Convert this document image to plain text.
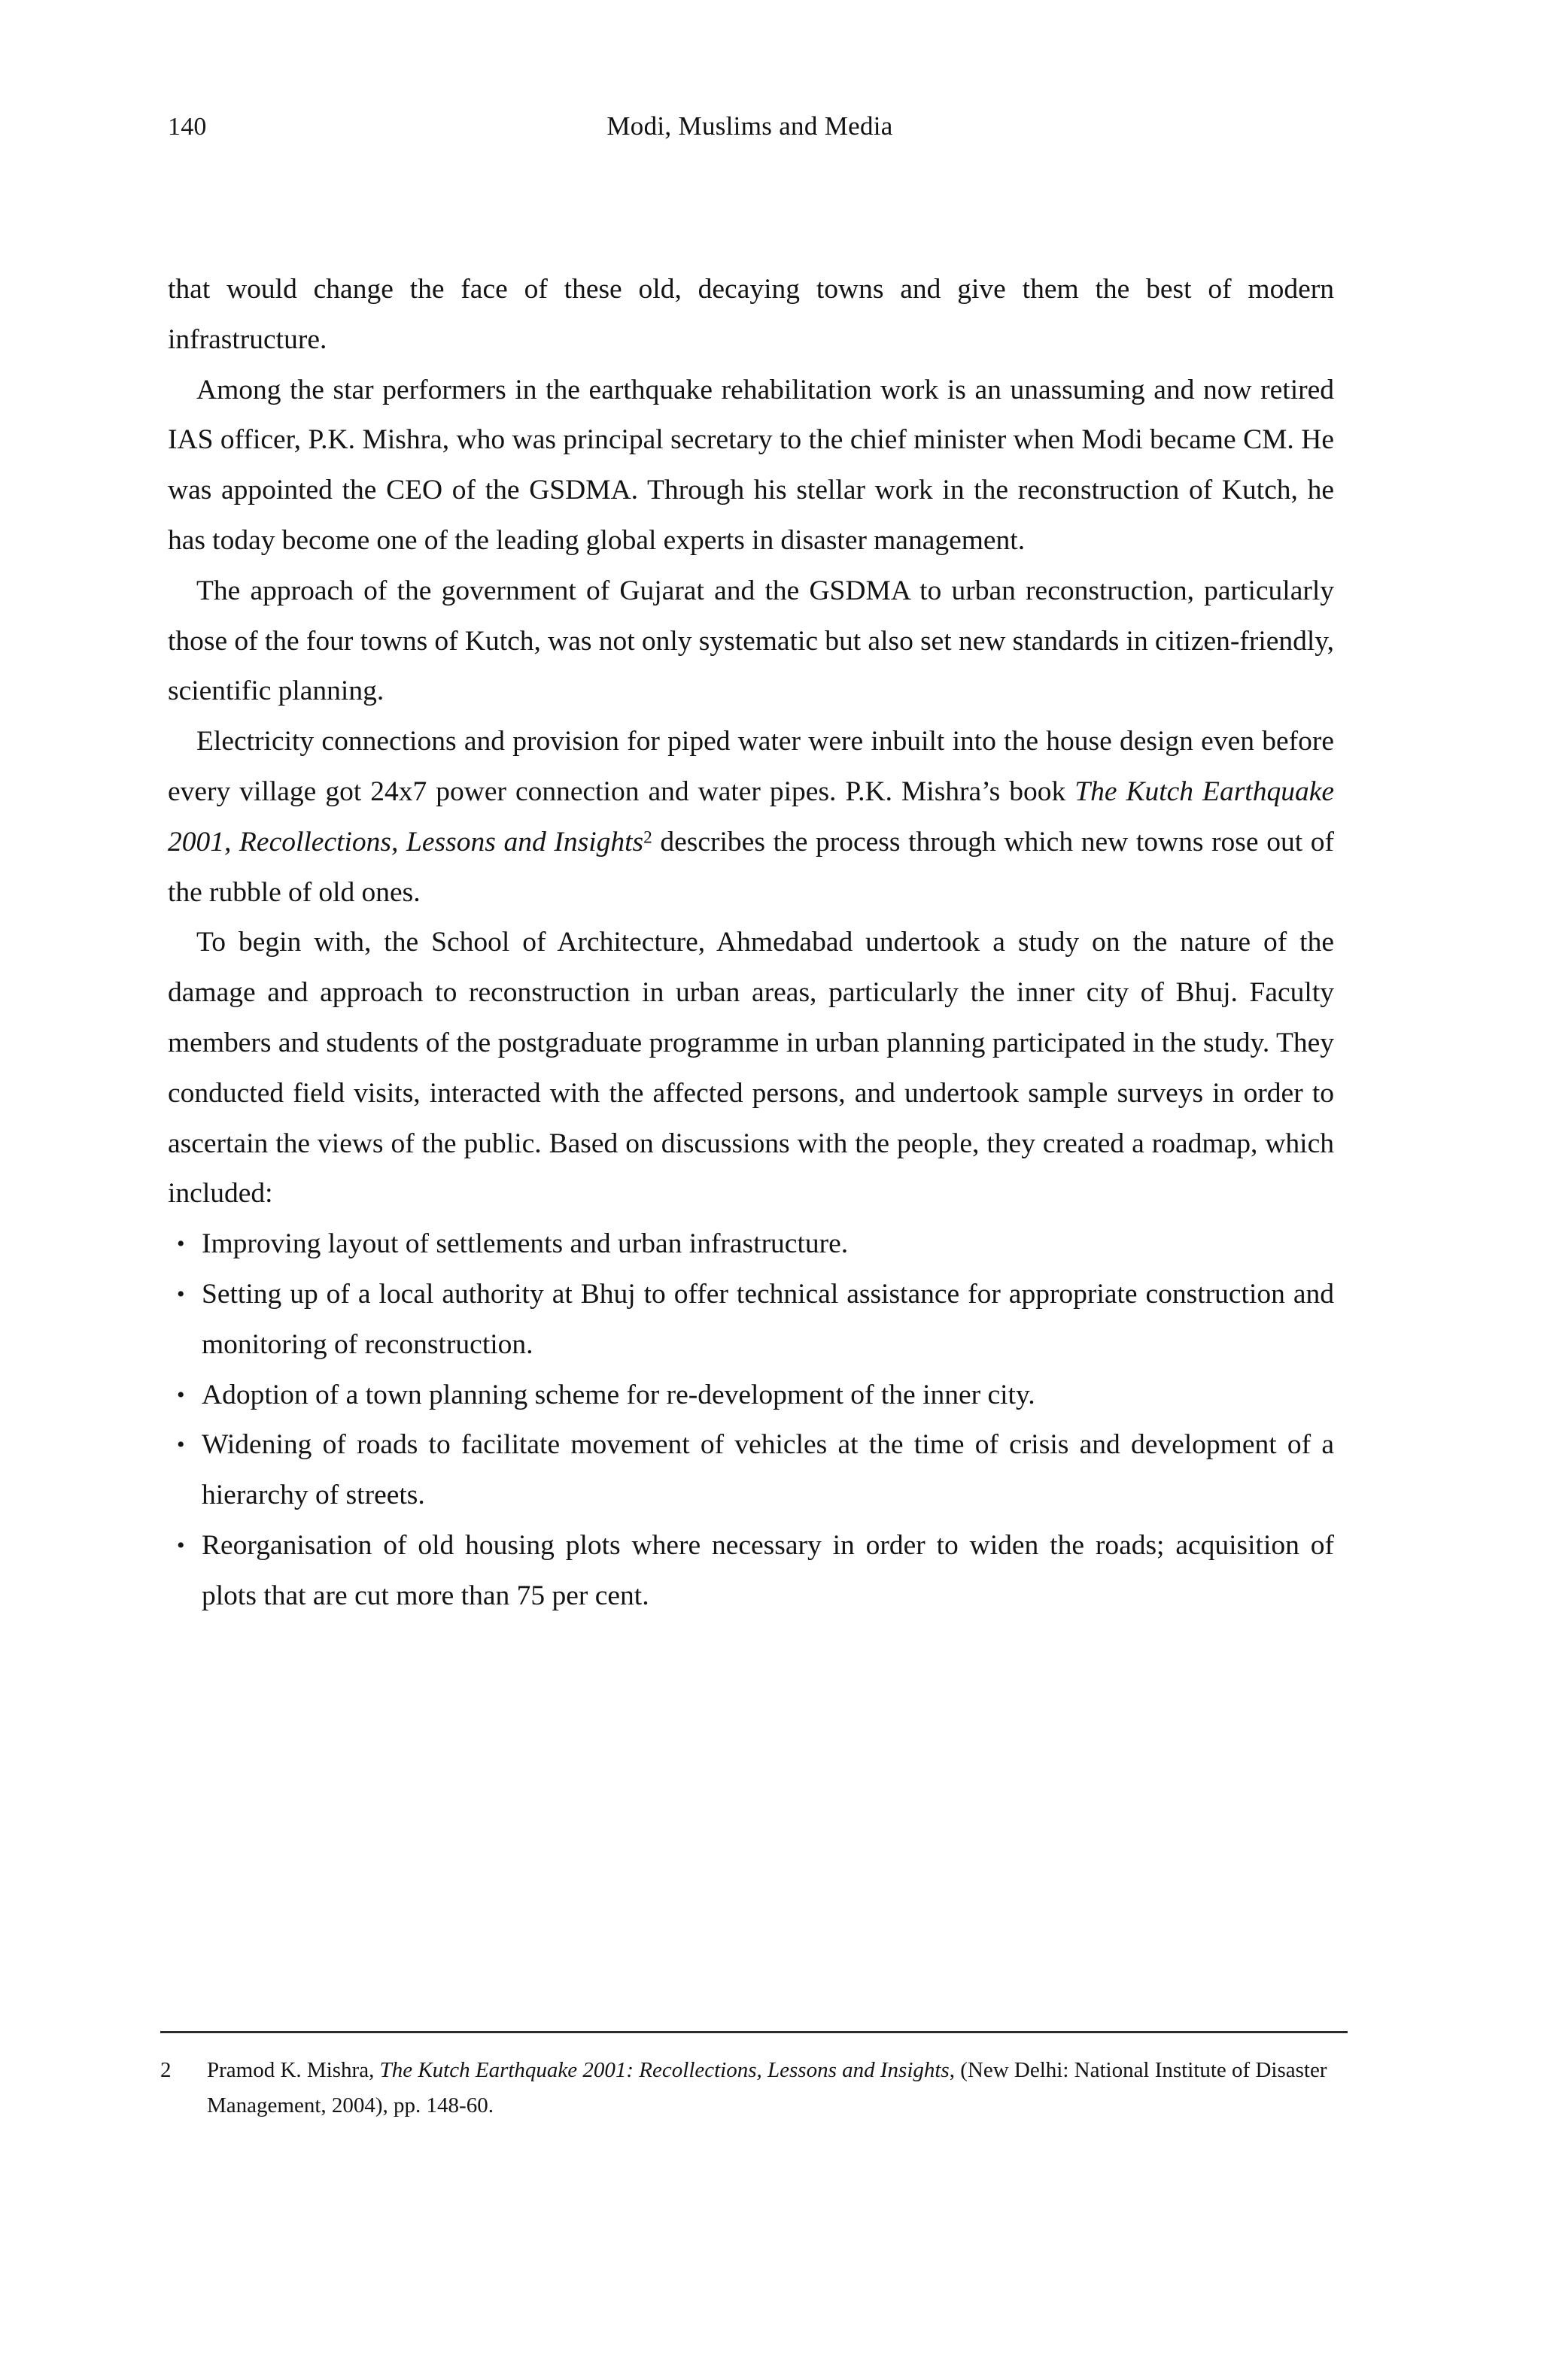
140	Modi, Muslims and Media

that would change the face of these old, decaying towns and give them the best of modern infrastructure.

Among the star performers in the earthquake rehabilitation work is an unassuming and now retired IAS officer, P.K. Mishra, who was principal secretary to the chief minister when Modi became CM. He was appointed the CEO of the GSDMA. Through his stellar work in the reconstruction of Kutch, he has today become one of the leading global experts in disaster management.

The approach of the government of Gujarat and the GSDMA to urban reconstruction, particularly those of the four towns of Kutch, was not only systematic but also set new standards in citizen-friendly, scientific planning.

Electricity connections and provision for piped water were inbuilt into the house design even before every village got 24x7 power connection and water pipes. P.K. Mishra’s book The Kutch Earthquake 2001, Recollections, Lessons and Insights$^2$ describes the process through which new towns rose out of the rubble of old ones.

To begin with, the School of Architecture, Ahmedabad undertook a study on the nature of the damage and approach to reconstruction in urban areas, particularly the inner city of Bhuj. Faculty members and students of the postgraduate programme in urban planning participated in the study. They conducted field visits, interacted with the affected persons, and undertook sample surveys in order to ascertain the views of the public. Based on discussions with the people, they created a roadmap, which included:

• Improving layout of settlements and urban infrastructure.
• Setting up of a local authority at Bhuj to offer technical assistance for appropriate construction and monitoring of reconstruction.
• Adoption of a town planning scheme for re-development of the inner city.
• Widening of roads to facilitate movement of vehicles at the time of crisis and development of a hierarchy of streets.
• Reorganisation of old housing plots where necessary in order to widen the roads; acquisition of plots that are cut more than 75 per cent.
2	Pramod K. Mishra, The Kutch Earthquake 2001: Recollections, Lessons and Insights, (New Delhi: National Institute of Disaster Management, 2004), pp. 148-60.
